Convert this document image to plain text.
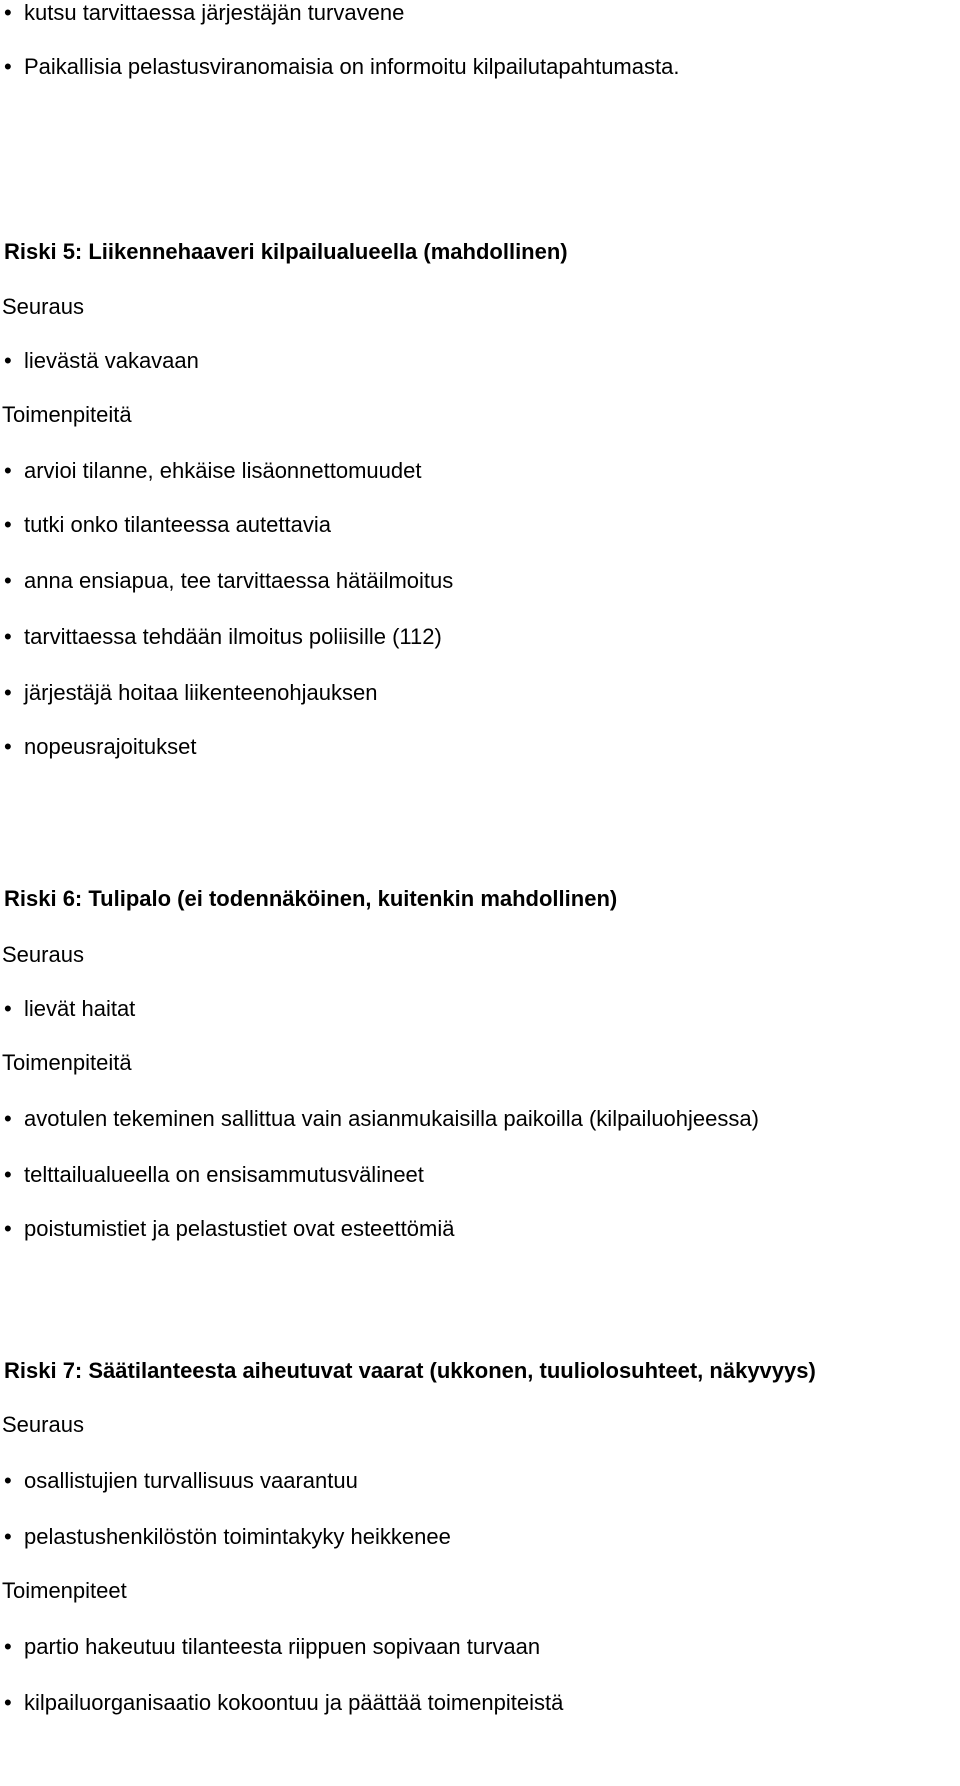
• kutsu tarvittaessa järjestäjän turvavene
• Paikallisia pelastusviranomaisia on informoitu kilpailutapahtumasta.
Riski 5: Liikennehaaveri kilpailualueella (mahdollinen)
Seuraus
• lievästä vakavaan
Toimenpiteitä
• arvioi tilanne, ehkäise lisäonnettomuudet
• tutki onko tilanteessa autettavia
• anna ensiapua, tee tarvittaessa hätäilmoitus
• tarvittaessa tehdään ilmoitus poliisille (112)
• järjestäjä hoitaa liikenteenohjauksen
• nopeusrajoitukset
Riski 6: Tulipalo (ei todennäköinen, kuitenkin mahdollinen)
Seuraus
• lievät haitat
Toimenpiteitä
• avotulen tekeminen sallittua vain asianmukaisilla paikoilla (kilpailuohjeessa)
• telttailualueella on ensisammutusvälineet
• poistumistiet ja pelastustiet ovat esteettömiä
Riski 7: Säätilanteesta aiheutuvat vaarat (ukkonen, tuuliolosuhteet, näkyvyys)
Seuraus
• osallistujien turvallisuus vaarantuu
• pelastushenkilöstön toimintakyky heikkenee
Toimenpiteet
• partio hakeutuu tilanteesta riippuen sopivaan turvaan
• kilpailuorganisaatio kokoontuu ja päättää toimenpiteistä
